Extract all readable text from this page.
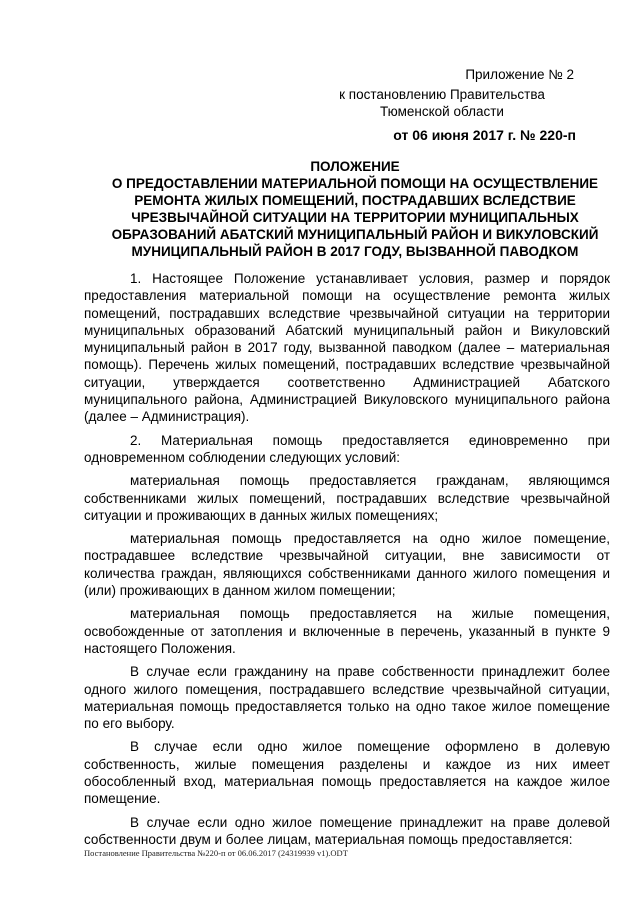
Приложение № 2
к постановлению Правительства
Тюменской области
от 06 июня 2017 г. № 220-п
ПОЛОЖЕНИЕ
О ПРЕДОСТАВЛЕНИИ МАТЕРИАЛЬНОЙ ПОМОЩИ НА ОСУЩЕСТВЛЕНИЕ
РЕМОНТА ЖИЛЫХ ПОМЕЩЕНИЙ, ПОСТРАДАВШИХ ВСЛЕДСТВИЕ
ЧРЕЗВЫЧАЙНОЙ СИТУАЦИИ НА ТЕРРИТОРИИ МУНИЦИПАЛЬНЫХ
ОБРАЗОВАНИЙ АБАТСКИЙ МУНИЦИПАЛЬНЫЙ РАЙОН И ВИКУЛОВСКИЙ
МУНИЦИПАЛЬНЫЙ РАЙОН В 2017 ГОДУ, ВЫЗВАННОЙ ПАВОДКОМ

1. Настоящее Положение устанавливает условия, размер и порядок предоставления материальной помощи на осуществление ремонта жилых помещений, пострадавших вследствие чрезвычайной ситуации на территории муниципальных образований Абатский муниципальный район и Викуловский муниципальный район в 2017 году, вызванной паводком (далее – материальная помощь). Перечень жилых помещений, пострадавших вследствие чрезвычайной ситуации, утверждается соответственно Администрацией Абатского муниципального района, Администрацией Викуловского муниципального района (далее – Администрация).

2. Материальная помощь предоставляется единовременно при одновременном соблюдении следующих условий:

материальная помощь предоставляется гражданам, являющимся собственниками жилых помещений, пострадавших вследствие чрезвычайной ситуации и проживающих в данных жилых помещениях;

материальная помощь предоставляется на одно жилое помещение, пострадавшее вследствие чрезвычайной ситуации, вне зависимости от количества граждан, являющихся собственниками данного жилого помещения и (или) проживающих в данном жилом помещении;

материальная помощь предоставляется на жилые помещения, освобожденные от затопления и включенные в перечень, указанный в пункте 9 настоящего Положения.

В случае если гражданину на праве собственности принадлежит более одного жилого помещения, пострадавшего вследствие чрезвычайной ситуации, материальная помощь предоставляется только на одно такое жилое помещение по его выбору.

В случае если одно жилое помещение оформлено в долевую собственность, жилые помещения разделены и каждое из них имеет обособленный вход, материальная помощь предоставляется на каждое жилое помещение.

В случае если одно жилое помещение принадлежит на праве долевой собственности двум и более лицам, материальная помощь предоставляется:

Постановление Правительства №220-п от 06.06.2017 (24319939 v1).ODT
